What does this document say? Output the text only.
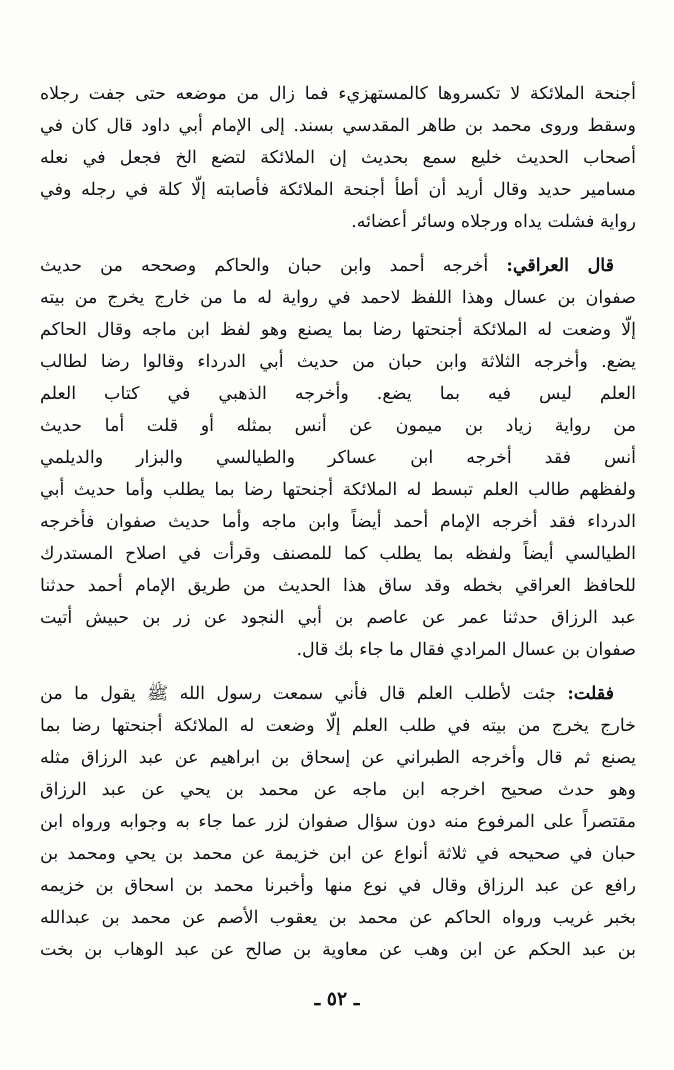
أجنحة الملائكة لا تكسروها كالمستهزيء فما زال من موضعه حتى جفت رجلاه
وسقط وروى محمد بن طاهر المقدسي بسند. إلى الإمام أبي داود قال كان في
أصحاب الحديث خليع سمع بحديث إن الملائكة لتضع الخ فجعل في نعله
مسامير حديد وقال أريد أن أطأ أجنحة الملائكة فأصابته إلّا كلة في رجله وفي
رواية فشلت يداه ورجلاه وسائر أعضائه.
قال العراقي: أخرجه أحمد وابن حبان والحاكم وصححه من حديث
صفوان بن عسال وهذا اللفظ لاحمد في رواية له ما من خارج يخرج من بيته
إلّا وضعت له الملائكة أجنحتها رضا بما يصنع وهو لفظ ابن ماجه وقال الحاكم
يضع. وأخرجه الثلاثة وابن حبان من حديث أبي الدرداء وقالوا رضا لطالب
العلم ليس فيه بما يضع. وأخرجه الذهبي في كتاب العلم
من رواية زياد بن ميمون عن أنس بمثله أو قلت أما حديث
أنس فقد أخرجه ابن عساكر والطيالسي والبزار والديلمي
ولفظهم طالب العلم تبسط له الملائكة أجنحتها رضا بما يطلب وأما حديث أبي
الدرداء فقد أخرجه الإمام أحمد أيضاً وابن ماجه وأما حديث صفوان فأخرجه
الطيالسي أيضاً ولفظه بما يطلب كما للمصنف وقرأت في اصلاح المستدرك
للحافظ العراقي بخطه وقد ساق هذا الحديث من طريق الإمام أحمد حدثنا
عبد الرزاق حدثنا عمر عن عاصم بن أبي النجود عن زر بن حبيش أتيت
صفوان بن عسال المرادي فقال ما جاء بك قال.
فقلت: جئت لأطلب العلم قال فأني سمعت رسول الله ﷺ يقول ما من
خارج يخرج من بيته في طلب العلم إلّا وضعت له الملائكة أجنحتها رضا بما
يصنع ثم قال وأخرجه الطبراني عن إسحاق بن ابراهيم عن عبد الرزاق مثله
وهو حدث صحيح اخرجه ابن ماجه عن محمد بن يحي عن عبد الرزاق
مقتصراً على المرفوع منه دون سؤال صفوان لزر عما جاء به وجوابه ورواه ابن
حبان في صحيحه في ثلاثة أنواع عن ابن خزيمة عن محمد بن يحي ومحمد بن
رافع عن عبد الرزاق وقال في نوع منها وأخبرنا محمد بن اسحاق بن خزيمه
بخبر غريب ورواه الحاكم عن محمد بن يعقوب الأصم عن محمد بن عبدالله
بن عبد الحكم عن ابن وهب عن معاوية بن صالح عن عبد الوهاب بن بخت
ـ ٥٢ ـ
